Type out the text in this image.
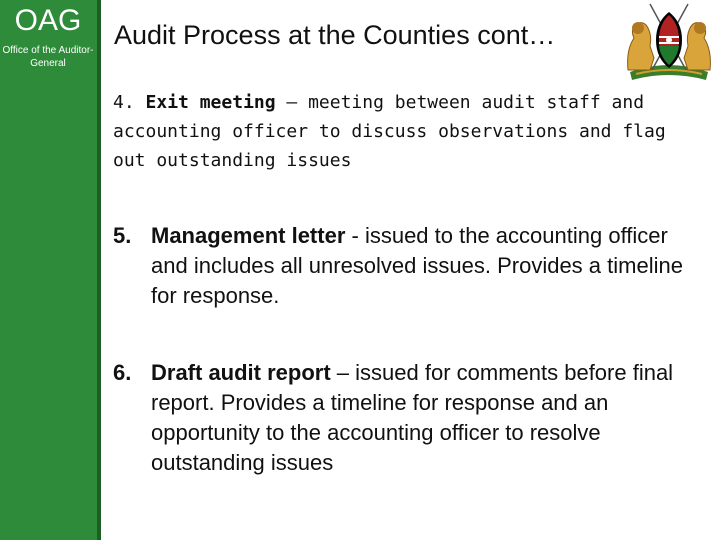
OAG
Office of the Auditor-General
Audit Process at the Counties cont…
4. Exit meeting – meeting between audit staff and accounting officer to discuss observations and flag out outstanding issues
5. Management letter - issued to the accounting officer and includes all unresolved issues. Provides a timeline for response.
6. Draft audit report – issued for comments before final report. Provides a timeline for response and an opportunity to the accounting officer to resolve outstanding issues
